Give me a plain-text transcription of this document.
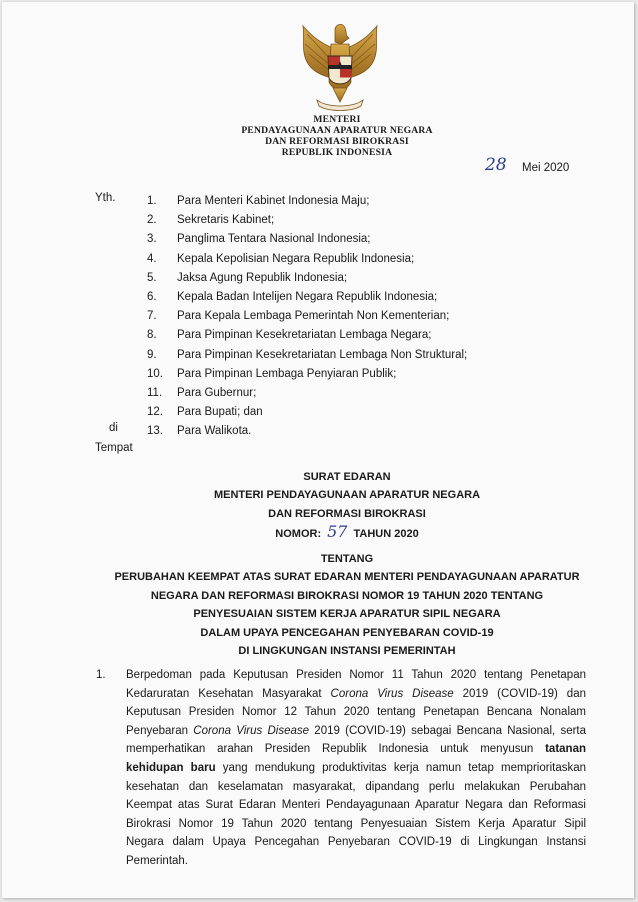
MENTERI
PENDAYAGUNAAN APARATUR NEGARA
DAN REFORMASI BIROKRASI
REPUBLIK INDONESIA
28 Mei 2020
Yth.	1.	Para Menteri Kabinet Indonesia Maju;
2.	Sekretaris Kabinet;
3.	Panglima Tentara Nasional Indonesia;
4.	Kepala Kepolisian Negara Republik Indonesia;
5.	Jaksa Agung Republik Indonesia;
6.	Kepala Badan Intelijen Negara Republik Indonesia;
7.	Para Kepala Lembaga Pemerintah Non Kementerian;
8.	Para Pimpinan Kesekretariatan Lembaga Negara;
9.	Para Pimpinan Kesekretariatan Lembaga Non Struktural;
10.	Para Pimpinan Lembaga Penyiaran Publik;
11.	Para Gubernur;
12.	Para Bupati; dan
13.	Para Walikota.
di
Tempat
SURAT EDARAN
MENTERI PENDAYAGUNAAN APARATUR NEGARA
DAN REFORMASI BIROKRASI
NOMOR: 57 TAHUN 2020
TENTANG
PERUBAHAN KEEMPAT ATAS SURAT EDARAN MENTERI PENDAYAGUNAAN APARATUR
NEGARA DAN REFORMASI BIROKRASI NOMOR 19 TAHUN 2020 TENTANG
PENYESUAIAN SISTEM KERJA APARATUR SIPIL NEGARA
DALAM UPAYA PENCEGAHAN PENYEBARAN COVID-19
DI LINGKUNGAN INSTANSI PEMERINTAH
1. Berpedoman pada Keputusan Presiden Nomor 11 Tahun 2020 tentang Penetapan
Kedaruratan Kesehatan Masyarakat Corona Virus Disease 2019 (COVID-19) dan
Keputusan Presiden Nomor 12 Tahun 2020 tentang Penetapan Bencana Nonalam
Penyebaran Corona Virus Disease 2019 (COVID-19) sebagai Bencana Nasional, serta
memperhatikan arahan Presiden Republik Indonesia untuk menyusun tatanan
kehidupan baru yang mendukung produktivitas kerja namun tetap memprioritaskan
kesehatan dan keselamatan masyarakat, dipandang perlu melakukan Perubahan
Keempat atas Surat Edaran Menteri Pendayagunaan Aparatur Negara dan Reformasi
Birokrasi Nomor 19 Tahun 2020 tentang Penyesuaian Sistem Kerja Aparatur Sipil
Negara dalam Upaya Pencegahan Penyebaran COVID-19 di Lingkungan Instansi
Pemerintah.
